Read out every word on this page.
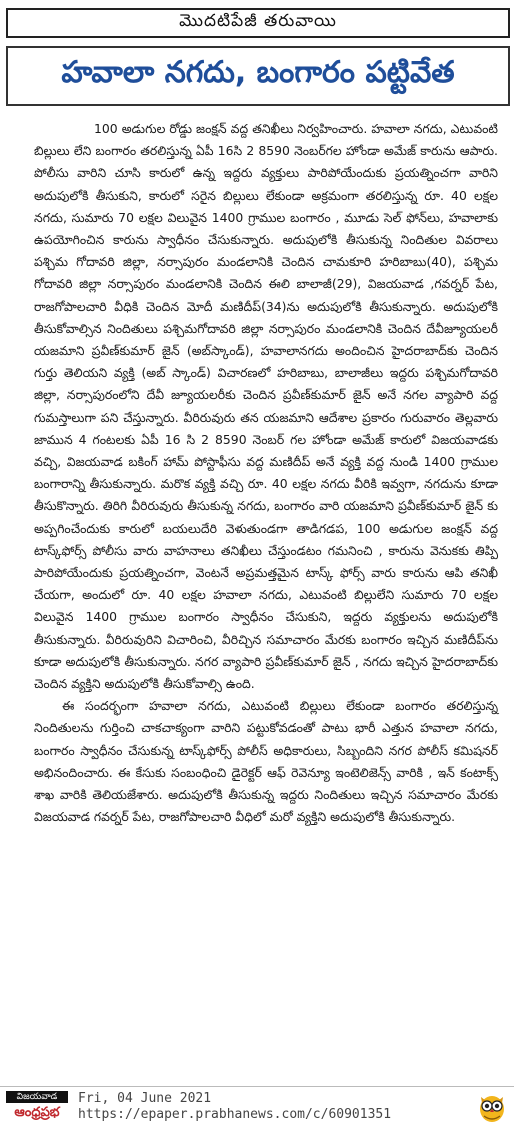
మొదటిపేజీ తరువాయి
హవాలా నగదు, బంగారం పట్టివేత

100 అడుగుల రోడ్డు జంక్షన్ వద్ద తనిఖీలు నిర్వహించారు. హవాలా నగదు, ఎటువంటి బిల్లులు లేని బంగారం తరలిస్తున్న ఏపీ 16సి 2 8590 నెంబర్‌గల హోండా అమేజ్ కారును ఆపారు. పోలీసు వారిని చూసి కారులో ఉన్న ఇద్దరు వ్యక్తులు పారిపోయేందుకు ప్రయత్నించగా వారిని అదుపులోకి తీసుకుని, కారులో సరైన బిల్లులు లేకుండా అక్రమంగా తరలిస్తున్న రూ. 40 లక్షల నగదు, సుమారు 70 లక్షల విలువైన 1400 గ్రాముల బంగారం , మూడు సెల్ ఫోన్‌లు, హవాలాకు ఉపయోగించిన కారును స్వాధీనం చేసుకున్నారు. అదుపులోకి తీసుకున్న నిందితుల వివరాలు పశ్చిమ గోదావరి జిల్లా, నర్సాపురం మండలానికి చెందిన చామకూరి హరిబాబు(40), పశ్చిమ గోదావరి జిల్లా నర్సాపురం మండలానికి చెందిన ఈలి బాలాజీ(29), విజయవాడ ,గవర్నర్ పేట, రాజగోపాలచారి వీధికి చెందిన మోదీ మణిదీప్(34)ను అదుపులోకి తీసుకున్నారు. అదుపులోకి తీసుకోవాల్సిన నిందితులు పశ్చిమగోదావరి జిల్లా నర్సాపురం మండలానికి చెందిన దేవీజ్యూయలరీ యజమాని ప్రవీణ్‌కుమార్ జైన్ (అబ్‌స్కాండ్), హవాలానగదు అందించిన హైదరాబాద్‌కు చెందిన గుర్తు తెలియని వ్యక్తి (అబ్ స్కాండ్) విచారణలో హరిబాబు, బాలాజీలు ఇద్దరు పశ్చిమగోదావరి జిల్లా, నర్సాపురంలోని దేవీ జ్యూయలరీకు చెందిన ప్రవీణ్‌కుమార్ జైన్ అనే నగల వ్యాపారి వద్ద గుమస్తాలుగా పని చేస్తున్నారు. వీరిరువురు తన యజమాని ఆదేశాల ప్రకారం గురువారం తెల్లవారు జామున 4 గంటలకు ఏపీ 16 సి 2 8590 నెంబర్ గల హోండా అమేజ్ కారులో విజయవాడకు వచ్చి, విజయవాడ బకింగ్ హామ్ పోస్టాఫీసు వద్ద మణిదీప్ అనే వ్యక్తి వద్ద నుండి 1400 గ్రాముల బంగారాన్ని తీసుకున్నారు. మరొక వ్యక్తి వచ్చి రూ. 40 లక్షల నగదు వీరికి ఇవ్వగా, నగదును కూడా తీసుకొన్నారు. తిరిగి వీరిరువురు తీసుకున్న నగదు, బంగారం వారి యజమాని ప్రవీణ్‌కుమార్ జైన్ కు అప్పగించేందుకు కారులో బయలుదేరి వెళుతుండగా తాడిగడప, 100 అడుగుల జంక్షన్ వద్ద టాస్క్‌ఫోర్స్ పోలీసు వారు వాహనాలు తనిఖీలు చేస్తుండటం గమనించి , కారును వెనుకకు తిప్పి పారిపోయేందుకు ప్రయత్నించగా, వెంటనే అప్రమత్తమైన టాస్క్ ఫోర్స్ వారు కారును ఆపి తనిఖీ చేయగా, అందులో రూ. 40 లక్షల హవాలా నగదు, ఎటువంటి బిల్లులేని సుమారు 70 లక్షల విలువైన 1400 గ్రాముల బంగారం స్వాధీనం చేసుకుని, ఇద్దరు వ్యక్తులను అదుపులోకి తీసుకున్నారు. వీరిరువురిని విచారించి, వీరిచ్చిన సమాచారం మేరకు బంగారం ఇచ్చిన మణిదీప్‌ను కూడా అదుపులోకి తీసుకున్నారు. నగర వ్యాపారి ప్రవీణ్‌కుమార్ జైన్ , నగదు ఇచ్చిన హైదరాబాద్‌కు చెందిన వ్యక్తిని అదుపులోకి తీసుకోవాల్సి ఉంది.

ఈ సందర్భంగా హవాలా నగదు, ఎటువంటి బిల్లులు లేకుండా బంగారం తరలిస్తున్న నిందితులను గుర్తించి చాకచాక్యంగా వారిని పట్టుకోవడంతో పాటు భారీ ఎత్తున హవాలా నగదు, బంగారం స్వాధీనం చేసుకున్న టాస్క్‌ఫోర్స్ పోలీస్ అధికారులు, సిబ్బందిని నగర పోలీస్ కమిషనర్ అభినందించారు. ఈ కేసుకు సంబంధించి డైరెక్టర్ ఆఫ్ రెవెన్యూ ఇంటెలిజెన్స్ వారికి , ఇన్ కంటాక్స్ శాఖ వారికి తెలియజేశారు. అదుపులోకి తీసుకున్న ఇద్దరు నిందితులు ఇచ్చిన సమాచారం మేరకు విజయవాడ గవర్నర్ పేట, రాజగోపాలచారి వీధిలో మరో వ్యక్తిని అదుపులోకి తీసుకున్నారు.

విజయవాడ
ఆంధ్రప్రభ
Fri, 04 June 2021
https://epaper.prabhanews.com/c/60901351
